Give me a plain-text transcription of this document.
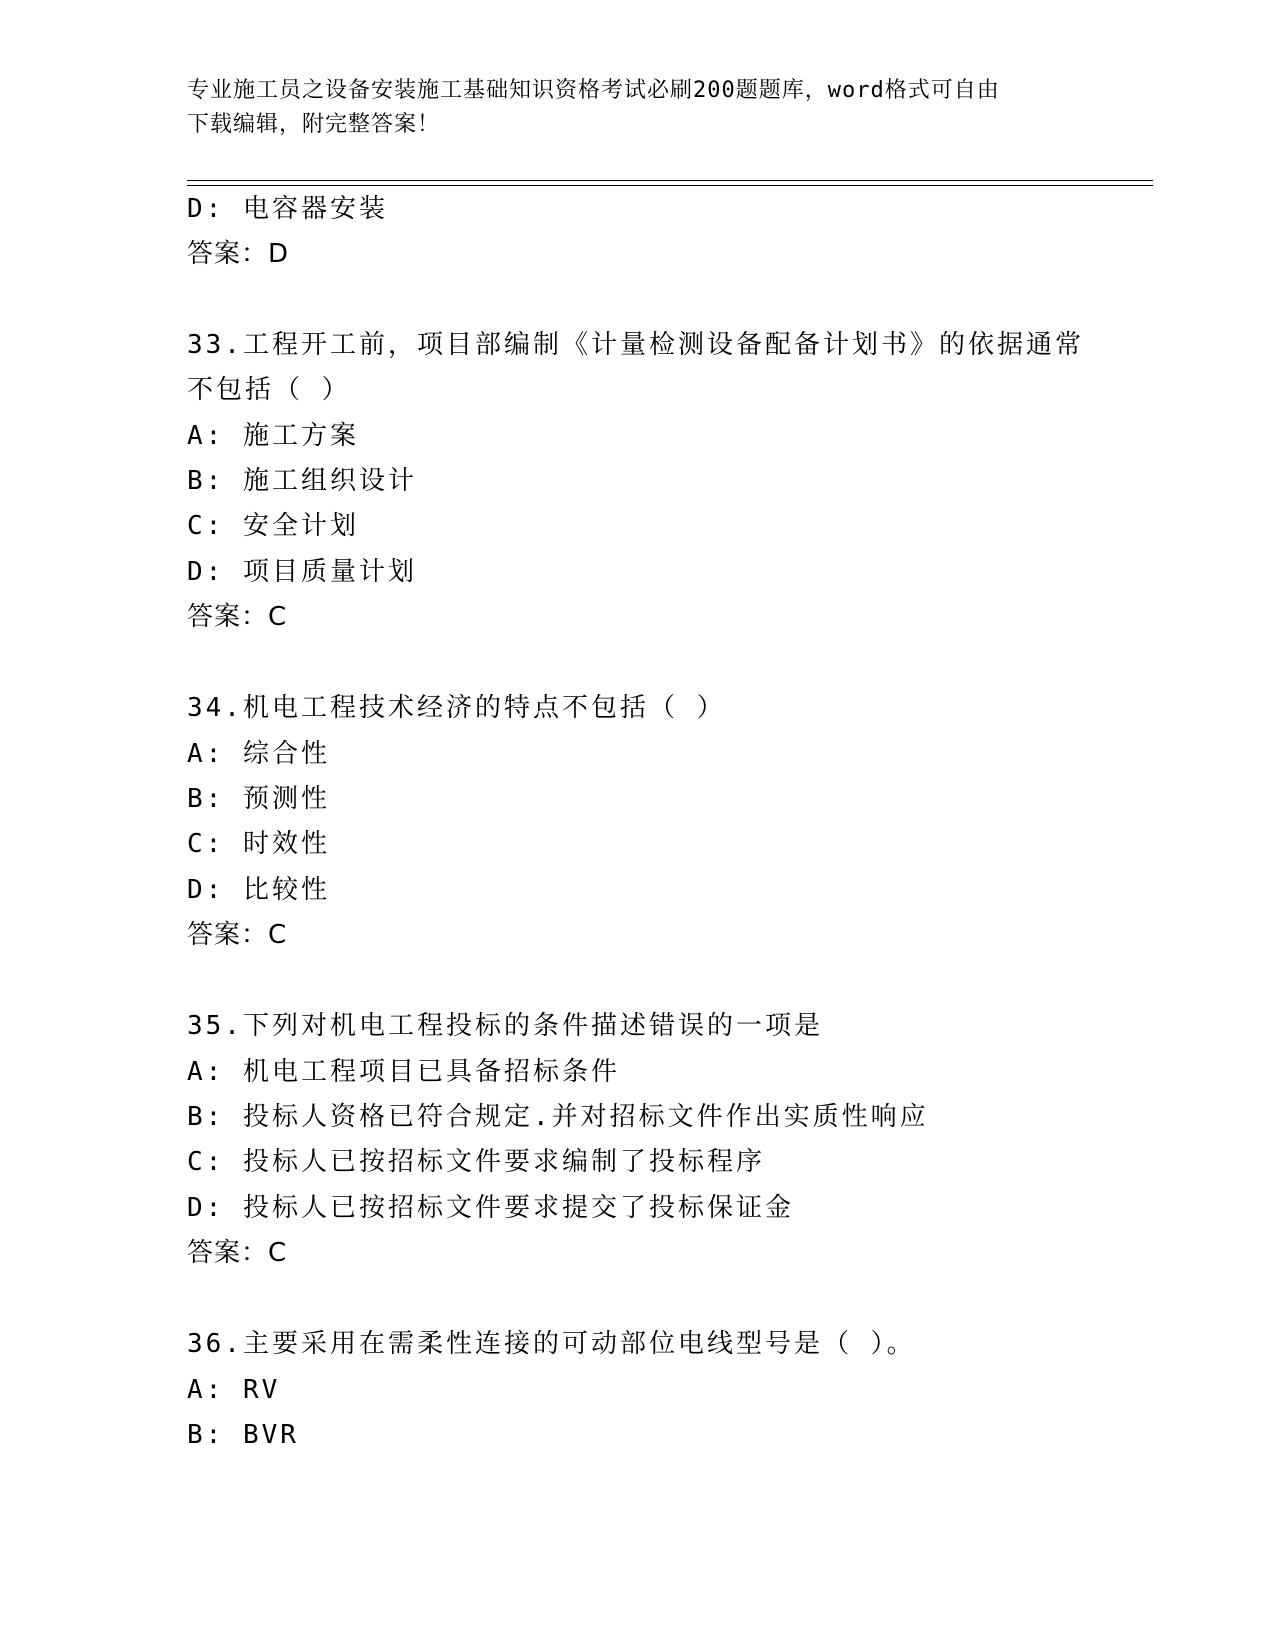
专业施工员之设备安装施工基础知识资格考试必刷200题题库，word格式可自由
下载编辑，附完整答案！
D: 电容器安装
答案：D
33.工程开工前，项目部编制《计量检测设备配备计划书》的依据通常
不包括（ ）
A: 施工方案
B: 施工组织设计
C: 安全计划
D: 项目质量计划
答案：C
34.机电工程技术经济的特点不包括（ ）
A: 综合性
B: 预测性
C: 时效性
D: 比较性
答案：C
35.下列对机电工程投标的条件描述错误的一项是
A: 机电工程项目已具备招标条件
B: 投标人资格已符合规定.并对招标文件作出实质性响应
C: 投标人已按招标文件要求编制了投标程序
D: 投标人已按招标文件要求提交了投标保证金
答案：C
36.主要采用在需柔性连接的可动部位电线型号是（ ）。
A: RV
B: BVR
